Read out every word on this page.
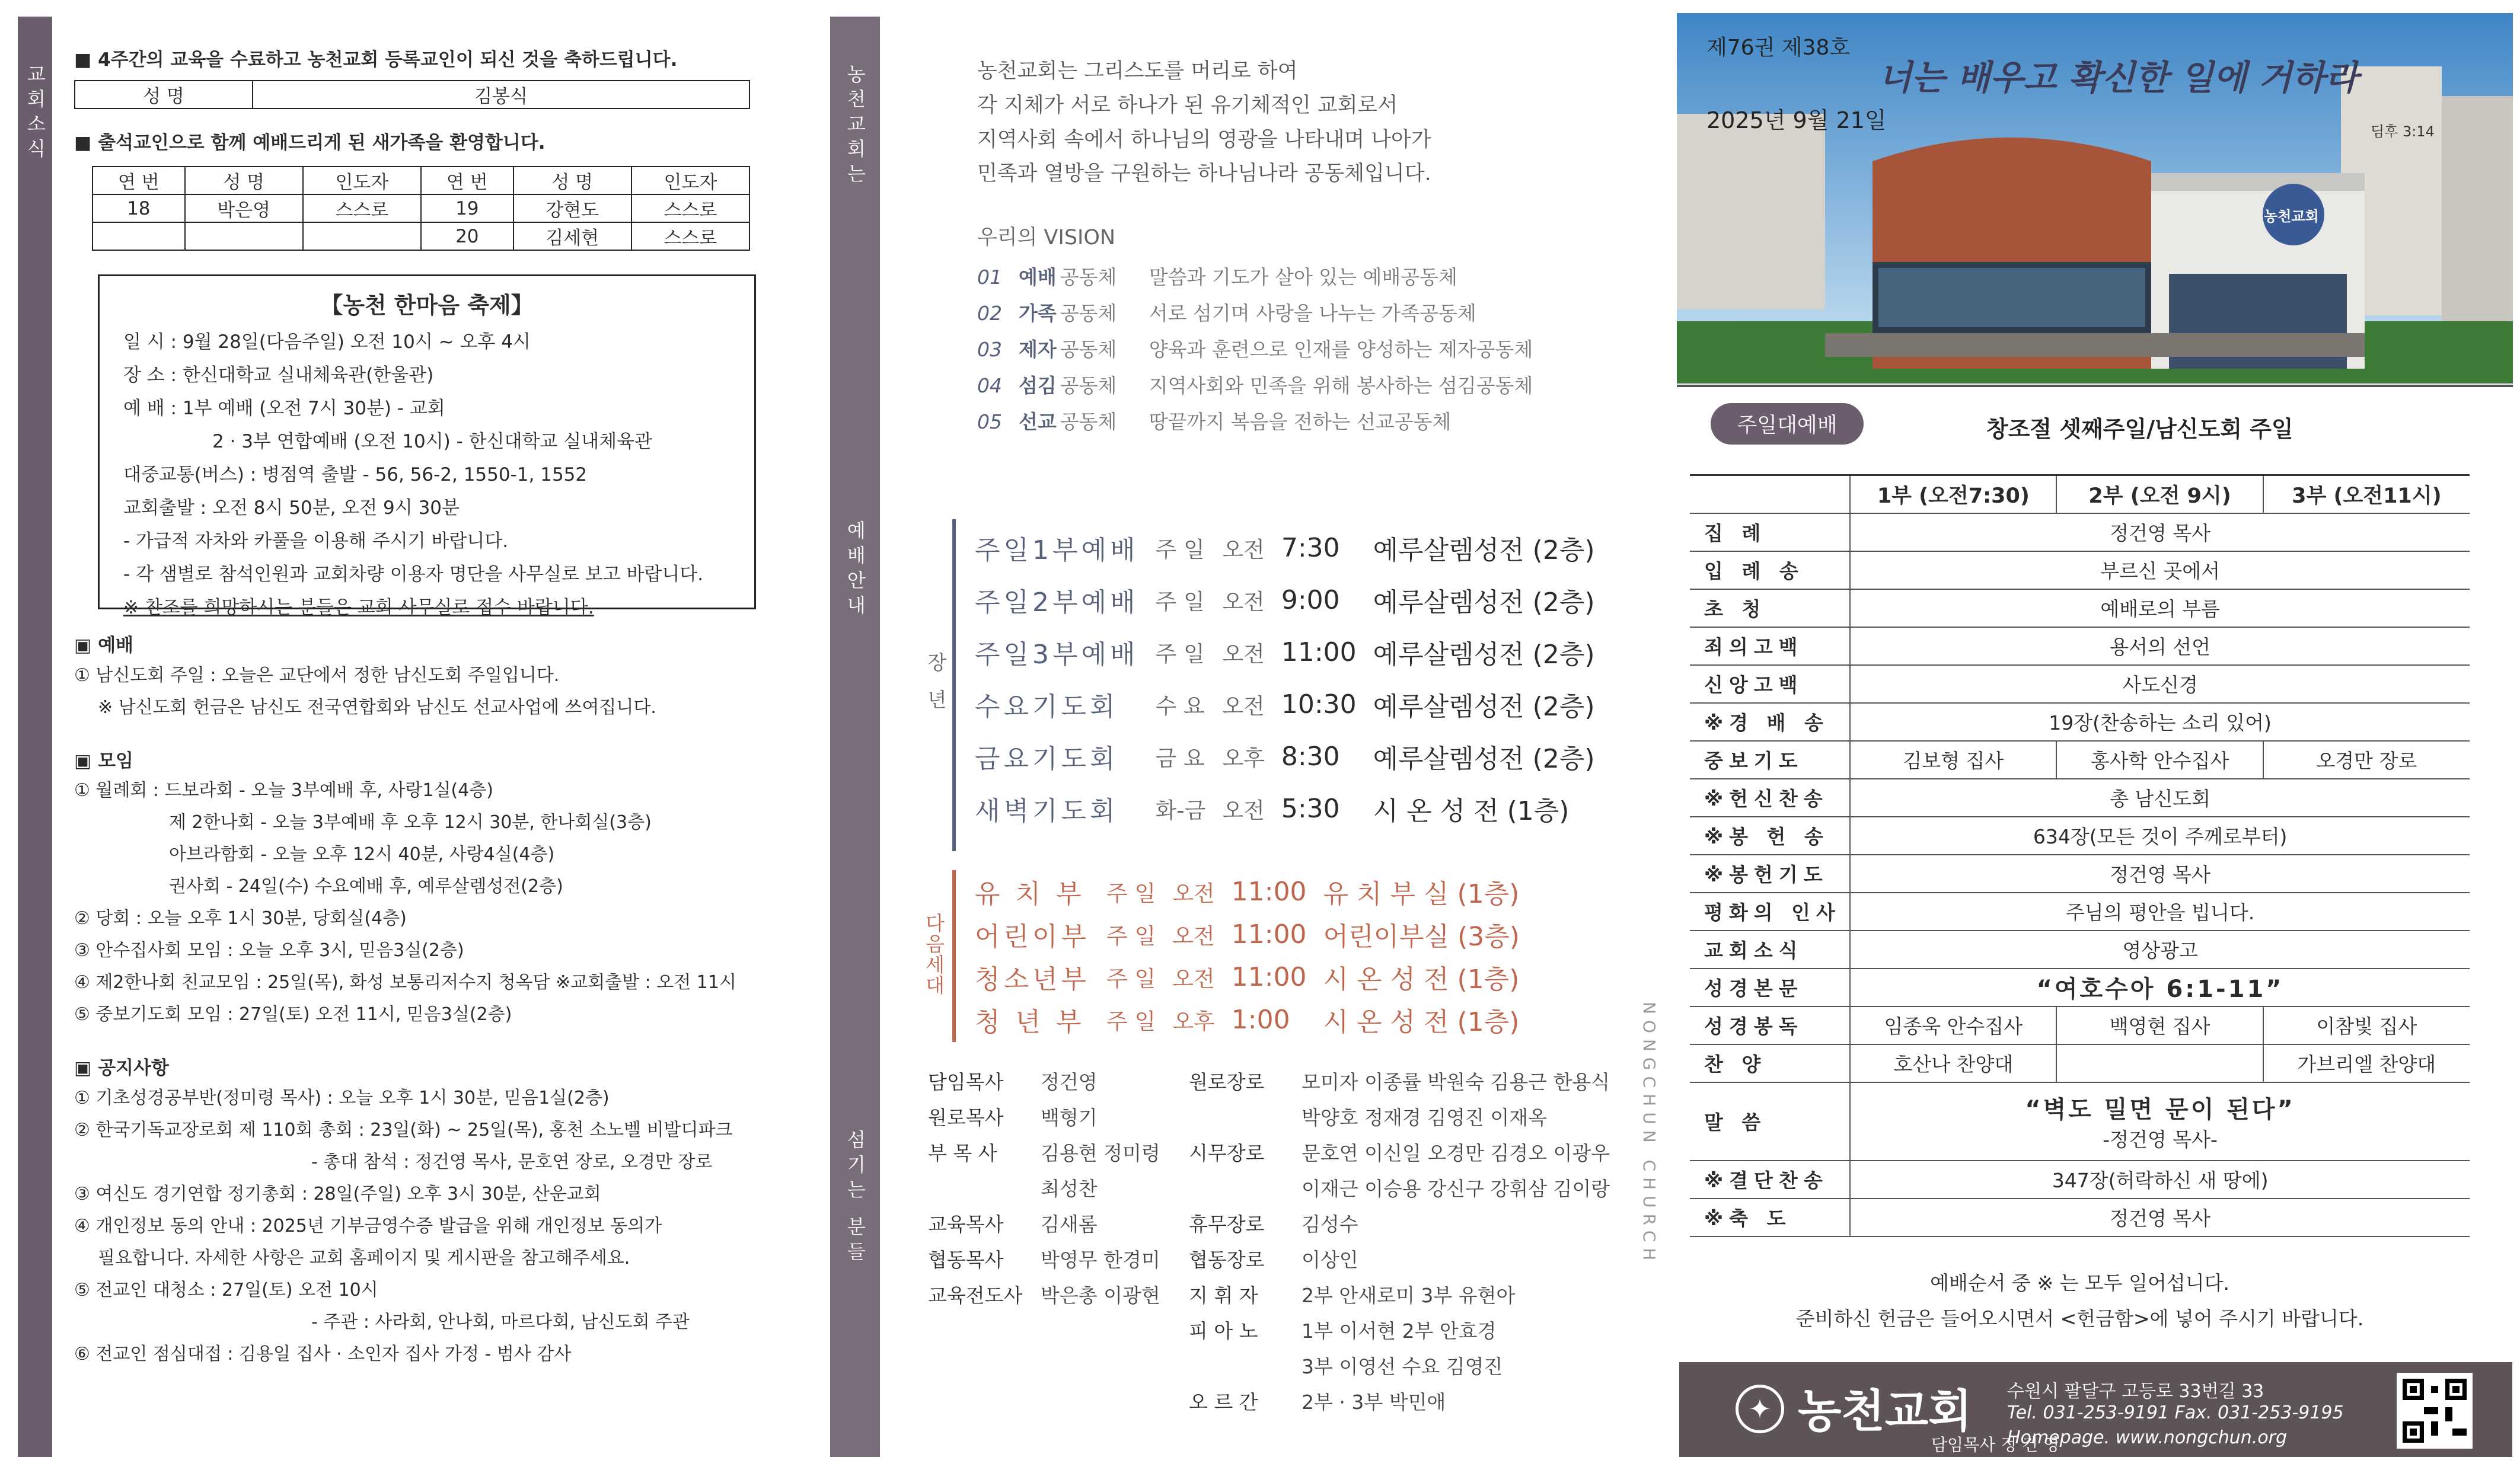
교회소식
■ 4주간의 교육을 수료하고 농천교회 등록교인이 되신 것을 축하드립니다.
성 명	김봉식
■ 출석교인으로 함께 예배드리게 된 새가족을 환영합니다.
연 번	성 명	인도자	연 번	성 명	인도자
18	박은영	스스로	19	강현도	스스로
			20	김세현	스스로
【농천 한마음 축제】
일 시 : 9월 28일(다음주일) 오전 10시 ~ 오후 4시
장 소 : 한신대학교 실내체육관(한울관)
예 배 : 1부 예배 (오전 7시 30분) - 교회
2 · 3부 연합예배 (오전 10시) - 한신대학교 실내체육관
대중교통(버스) : 병점역 출발 - 56, 56-2, 1550-1, 1552
교회출발 : 오전 8시 50분, 오전 9시 30분
- 가급적 자차와 카풀을 이용해 주시기 바랍니다.
- 각 샘별로 참석인원과 교회차량 이용자 명단을 사무실로 보고 바랍니다.
※ 찬조를 희망하시는 분들은 교회 사무실로 접수 바랍니다.
▣ 예배
① 남신도회 주일 : 오늘은 교단에서 정한 남신도회 주일입니다.
※ 남신도회 헌금은 남신도 전국연합회와 남신도 선교사업에 쓰여집니다.
▣ 모임
① 월례회 : 드보라회 - 오늘 3부예배 후, 사랑1실(4층)
제 2한나회 - 오늘 3부예배 후 오후 12시 30분, 한나회실(3층)
아브라함회 - 오늘 오후 12시 40분, 사랑4실(4층)
권사회 - 24일(수) 수요예배 후, 예루살렘성전(2층)
② 당회 : 오늘 오후 1시 30분, 당회실(4층)
③ 안수집사회 모임 : 오늘 오후 3시, 믿음3실(2층)
④ 제2한나회 친교모임 : 25일(목), 화성 보통리저수지 청옥담 ※교회출발 : 오전 11시
⑤ 중보기도회 모임 : 27일(토) 오전 11시, 믿음3실(2층)
▣ 공지사항
① 기초성경공부반(정미령 목사) : 오늘 오후 1시 30분, 믿음1실(2층)
② 한국기독교장로회 제 110회 총회 : 23일(화) ~ 25일(목), 홍천 소노벨 비발디파크
- 총대 참석 : 정건영 목사, 문호연 장로, 오경만 장로
③ 여신도 경기연합 정기총회 : 28일(주일) 오후 3시 30분, 산운교회
④ 개인정보 동의 안내 : 2025년 기부금영수증 발급을 위해 개인정보 동의가
필요합니다. 자세한 사항은 교회 홈페이지 및 게시판을 참고해주세요.
⑤ 전교인 대청소 : 27일(토) 오전 10시
- 주관 : 사라회, 안나회, 마르다회, 남신도회 주관
⑥ 전교인 점심대접 : 김용일 집사 · 소인자 집사 가정 - 범사 감사
농천교회는
예배안내
섬기는 분들
농천교회는 그리스도를 머리로 하여
각 지체가 서로 하나가 된 유기체적인 교회로서
지역사회 속에서 하나님의 영광을 나타내며 나아가
민족과 열방을 구원하는 하나님나라 공동체입니다.
우리의 VISION
01 예배 공동체 말씀과 기도가 살아 있는 예배공동체
02 가족 공동체 서로 섬기며 사랑을 나누는 가족공동체
03 제자 공동체 양육과 훈련으로 인재를 양성하는 제자공동체
04 섬김 공동체 지역사회와 민족을 위해 봉사하는 섬김공동체
05 선교 공동체 땅끝까지 복음을 전하는 선교공동체
장년
주일1부예배	주 일	오전	7:30	예루살렘성전 (2층)
주일2부예배	주 일	오전	9:00	예루살렘성전 (2층)
주일3부예배	주 일	오전	11:00	예루살렘성전 (2층)
수요기도회	수 요	오전	10:30	예루살렘성전 (2층)
금요기도회	금 요	오후	8:30	예루살렘성전 (2층)
새벽기도회	화-금	오전	5:30	시 온 성 전 (1층)
다음세대
유 치 부	주 일	오전	11:00	유 치 부 실 (1층)
어린이부	주 일	오전	11:00	어린이부실 (3층)
청소년부	주 일	오전	11:00	시 온 성 전 (1층)
청 년 부	주 일	오후	1:00	시 온 성 전 (1층)
담임목사	정건영
원로목사	백형기
부 목 사	김용현 정미령
	최성찬
교육목사	김새롬
협동목사	박영무 한경미
교육전도사	박은총 이광현
원로장로	모미자 이종률 박원숙 김용근 한용식
	박양호 정재경 김영진 이재옥
시무장로	문호연 이신일 오경만 김경오 이광우
	이재근 이승용 강신구 강휘삼 김이랑
휴무장로	김성수
협동장로	이상인
지 휘 자	2부 안새로미 3부 유현아
피 아 노	1부 이서현 2부 안효경
	3부 이영선 수요 김영진
오 르 간	2부 · 3부 박민애
NONGCHUN CHURCH
제76권 제38호
2025년 9월 21일
너는 배우고 확신한 일에 거하라
딤후 3:14
농천교회
주일대예배	창조절 셋째주일/남신도회 주일
	1부 (오전7:30)	2부 (오전 9시)	3부 (오전11시)
집 례	정건영 목사		

입 례 송	부르신 곳에서		

초 청	예배로의 부름		

죄의고백	용서의 선언		

신앙고백	사도신경		

※경 배 송	19장(찬송하는 소리 있어)		

중보기도	김보형 집사	홍사학 안수집사	오경만 장로
※헌신찬송	총 남신도회		

※봉 헌 송	634장(모든 것이 주께로부터)		

※봉헌기도	정건영 목사		

평화의 인사	주님의 평안을 빕니다.		

교회소식	영상광고		

성경본문	“여호수아 6:1-11”		

성경봉독	임종욱 안수집사	백영현 집사	이참빛 집사
찬 양	호산나 찬양대		가브리엘 찬양대
말 씀	“벽도 밀면 문이 된다”
-정건영 목사-		

※결단찬송	347장(허락하신 새 땅에)		

※축 도	정건영 목사		
예배순서 중 ※ 는 모두 일어섭니다.
준비하신 헌금은 들어오시면서 <헌금함>에 넣어 주시기 바랍니다.
✦ 농천교회
담임목사 정 건 영
수원시 팔달구 고등로 33번길 33
Tel. 031-253-9191 Fax. 031-253-9195
Homepage. www.nongchun.org
